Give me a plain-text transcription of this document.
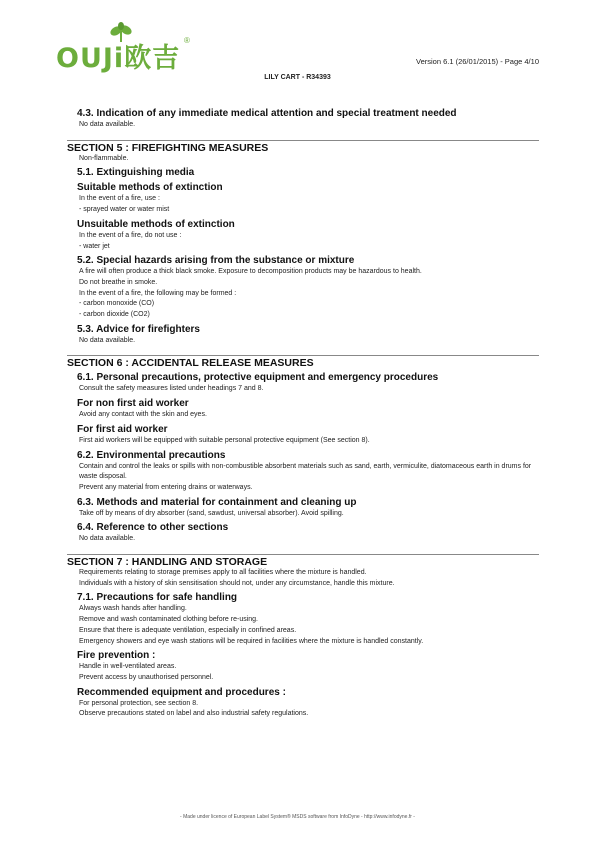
OUJi欧吉
®
Version 6.1 (26/01/2015) - Page 4/10
LILY CART - R34393
4.3. Indication of any immediate medical attention and special treatment needed
No data available.
SECTION 5 : FIREFIGHTING MEASURES
Non-flammable.
5.1. Extinguishing media
Suitable methods of extinction
In the event of a fire, use :
- sprayed water or water mist
Unsuitable methods of extinction
In the event of a fire, do not use :
- water jet
5.2. Special hazards arising from the substance or mixture
A fire will often produce a thick black smoke. Exposure to decomposition products may be hazardous to health.
Do not breathe in smoke.
In the event of a fire, the following may be formed :
- carbon monoxide (CO)
- carbon dioxide (CO2)
5.3. Advice for firefighters
No data available.
SECTION 6 : ACCIDENTAL RELEASE MEASURES
6.1. Personal precautions, protective equipment and emergency procedures
Consult the safety measures listed under headings 7 and 8.
For non first aid worker
Avoid any contact with the skin and eyes.
For first aid worker
First aid workers will be equipped with suitable personal protective equipment (See section 8).
6.2. Environmental precautions
Contain and control the leaks or spills with non-combustible absorbent materials such as sand, earth, vermiculite, diatomaceous earth in drums for waste disposal.
Prevent any material from entering drains or waterways.
6.3. Methods and material for containment and cleaning up
Take off by means of dry absorber (sand, sawdust, universal absorber). Avoid spilling.
6.4. Reference to other sections
No data available.
SECTION 7 : HANDLING AND STORAGE
Requirements relating to storage premises apply to all facilities where the mixture is handled.
Individuals with a history of skin sensitisation should not, under any circumstance, handle this mixture.
7.1. Precautions for safe handling
Always wash hands after handling.
Remove and wash contaminated clothing before re-using.
Ensure that there is adequate ventilation, especially in confined areas.
Emergency showers and eye wash stations will be required in facilities where the mixture is handled constantly.
Fire prevention :
Handle in well-ventilated areas.
Prevent access by unauthorised personnel.
Recommended equipment and procedures :
For personal protection, see section 8.
Observe precautions stated on label and also industrial safety regulations.
- Made under licence of European Label System® MSDS software from InfoDyne - http://www.infodyne.fr -
